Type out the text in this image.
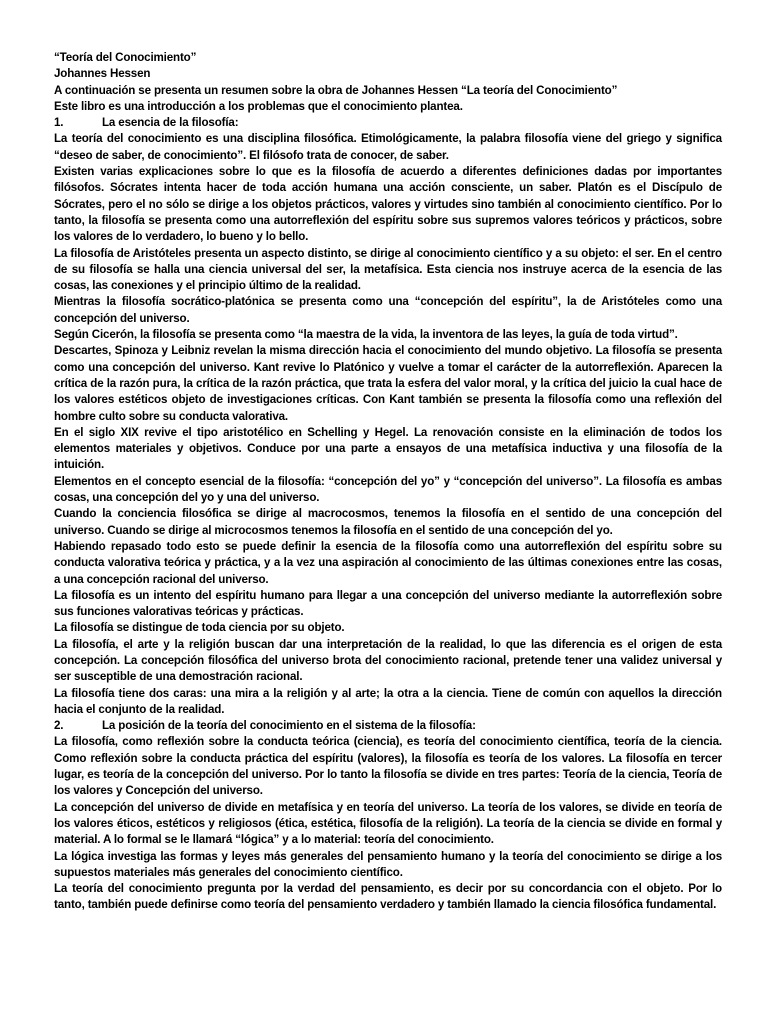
“Teoría del Conocimiento”

Johannes Hessen

A continuación se presenta un resumen sobre la obra de Johannes Hessen “La teoría del Conocimiento”

Este libro es una introducción a los problemas que el conocimiento plantea.

1.	La esencia de la filosofía:

La teoría del conocimiento es una disciplina filosófica. Etimológicamente, la palabra filosofía viene del griego y significa “deseo de saber, de conocimiento”. El filósofo trata de conocer, de saber.

Existen varias explicaciones sobre lo que es la filosofía de acuerdo a diferentes definiciones dadas por importantes filósofos. Sócrates intenta hacer de toda acción humana una acción consciente, un saber. Platón es el Discípulo de Sócrates, pero el no sólo se dirige a los objetos prácticos, valores y virtudes sino también al conocimiento científico. Por lo tanto, la filosofía se presenta como una autorreflexión del espíritu sobre sus supremos valores teóricos y prácticos, sobre los valores de lo verdadero, lo bueno y lo bello.

La filosofía de Aristóteles presenta un aspecto distinto, se dirige al conocimiento científico y a su objeto: el ser. En el centro de su filosofía se halla una ciencia universal del ser, la metafísica. Esta ciencia nos instruye acerca de la esencia de las cosas, las conexiones y el principio último de la realidad.

Mientras la filosofía socrático-platónica se presenta como una “concepción del espíritu”, la de Aristóteles como una concepción del universo.

Según Cicerón, la filosofía se presenta como “la maestra de la vida, la inventora de las leyes, la guía de toda virtud”.

Descartes, Spinoza y Leibniz revelan la misma dirección hacia el conocimiento del mundo objetivo. La filosofía se presenta como una concepción del universo. Kant revive lo Platónico y vuelve a tomar el carácter de la autorreflexión. Aparecen la crítica de la razón pura, la crítica de la razón práctica, que trata la esfera del valor moral, y la crítica del juicio la cual hace de los valores estéticos objeto de investigaciones críticas. Con Kant también se presenta la filosofía como una reflexión del hombre culto sobre su conducta valorativa.

En el siglo XIX revive el tipo aristotélico en Schelling y Hegel. La renovación consiste en la eliminación de todos los elementos materiales y objetivos. Conduce por una parte a ensayos de una metafísica inductiva y una filosofía de la intuición.

Elementos en el concepto esencial de la filosofía: “concepción del yo” y “concepción del universo”. La filosofía es ambas cosas, una concepción del yo y una del universo.

Cuando la conciencia filosófica se dirige al macrocosmos, tenemos la filosofía en el sentido de una concepción del universo. Cuando se dirige al microcosmos tenemos la filosofía en el sentido de una concepción del yo.

Habiendo repasado todo esto se puede definir la esencia de la filosofía como una autorreflexión del espíritu sobre su conducta valorativa teórica y práctica, y a la vez una aspiración al conocimiento de las últimas conexiones entre las cosas, a una concepción racional del universo.

La filosofía es un intento del espíritu humano para llegar a una concepción del universo mediante la autorreflexión sobre sus funciones valorativas teóricas y prácticas.

La filosofía se distingue de toda ciencia por su objeto.

La filosofía, el arte y la religión buscan dar una interpretación de la realidad, lo que las diferencia es el origen de esta concepción. La concepción filosófica del universo brota del conocimiento racional, pretende tener una validez universal y ser susceptible de una demostración racional.

La filosofía tiene dos caras: una mira a la religión y al arte; la otra a la ciencia. Tiene de común con aquellos la dirección hacia el conjunto de la realidad.

2.	La posición de la teoría del conocimiento en el sistema de la filosofía:

La filosofía, como reflexión sobre la conducta teórica (ciencia), es teoría del conocimiento científica, teoría de la ciencia. Como reflexión sobre la conducta práctica del espíritu (valores), la filosofía es teoría de los valores. La filosofía en tercer lugar, es teoría de la concepción del universo. Por lo tanto la filosofía se divide en tres partes: Teoría de la ciencia, Teoría de los valores y Concepción del universo.

La concepción del universo de divide en metafísica y en teoría del universo. La teoría de los valores, se divide en teoría de los valores éticos, estéticos y religiosos (ética, estética, filosofía de la religión). La teoría de la ciencia se divide en formal y material. A lo formal se le llamará “lógica” y a lo material: teoría del conocimiento.

La lógica investiga las formas y leyes más generales del pensamiento humano y la teoría del conocimiento se dirige a los supuestos materiales más generales del conocimiento científico.

La teoría del conocimiento pregunta por la verdad del pensamiento, es decir por su concordancia con el objeto. Por lo tanto, también puede definirse como teoría del pensamiento verdadero y también llamado la ciencia filosófica fundamental.
